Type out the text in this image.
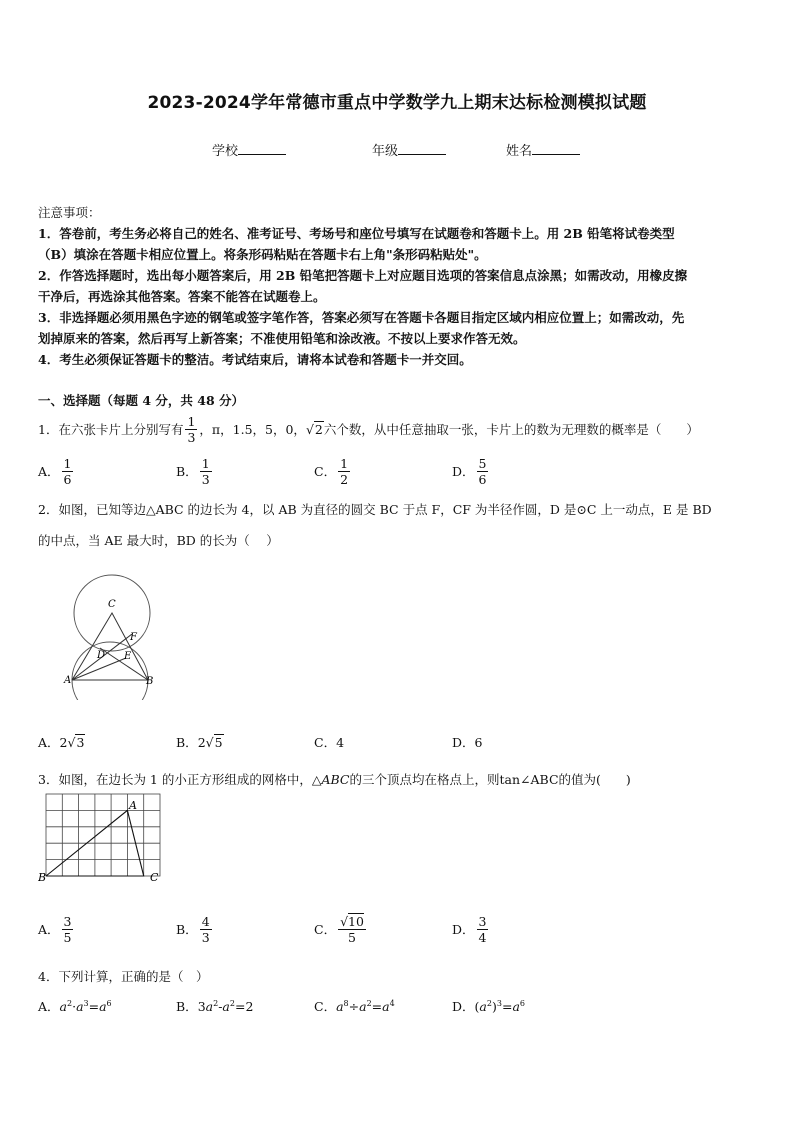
2023-2024学年常德市重点中学数学九上期末达标检测模拟试题
学校	年级	姓名
注意事项：
1．答卷前，考生务必将自己的姓名、准考证号、考场号和座位号填写在试题卷和答题卡上。用 2B 铅笔将试卷类型
（B）填涂在答题卡相应位置上。将条形码粘贴在答题卡右上角"条形码粘贴处"。
2．作答选择题时，选出每小题答案后，用 2B 铅笔把答题卡上对应题目选项的答案信息点涂黑；如需改动，用橡皮擦
干净后，再选涂其他答案。答案不能答在试题卷上。
3．非选择题必须用黑色字迹的钢笔或签字笔作答，答案必须写在答题卡各题目指定区域内相应位置上；如需改动，先
划掉原来的答案，然后再写上新答案；不准使用铅笔和涂改液。不按以上要求作答无效。
4．考生必须保证答题卡的整洁。考试结束后，请将本试卷和答题卡一并交回。
一、选择题（每题 4 分，共 48 分）
1．在六张卡片上分别写有 $\frac{1}{3}$ ，π，1.5，5，0， √2 六个数，从中任意抽取一张，卡片上的数为无理数的概率是（　　）
A． $\frac{1}{6}$	B． $\frac{1}{3}$	C． $\frac{1}{2}$	D． $\frac{5}{6}$
2．如图，已知等边△ABC 的边长为 4，以 AB 为直径的圆交 BC 于点 F，CF 为半径作圆，D 是⊙C 上一动点，E 是 BD
的中点，当 AE 最大时，BD 的长为（　 ）
C
F
D E
A	B
A．2√3	B．2√5	C．4	D．6
3．如图，在边长为 1 的小正方形组成的网格中，△ABC的三个顶点均在格点上，则tan∠ABC的值为(　　)
A
B	C
A． $\frac{3}{5}$	B． $\frac{4}{3}$	C． $\frac{√10}{5}$	D． $\frac{3}{4}$
4．下列计算，正确的是（　）
A．$a^2\cdot a^3=a^6$	B．$3a^2-a^2=2$	C．$a^8\div a^2=a^4$	D．$(a^2)^3=a^6$
